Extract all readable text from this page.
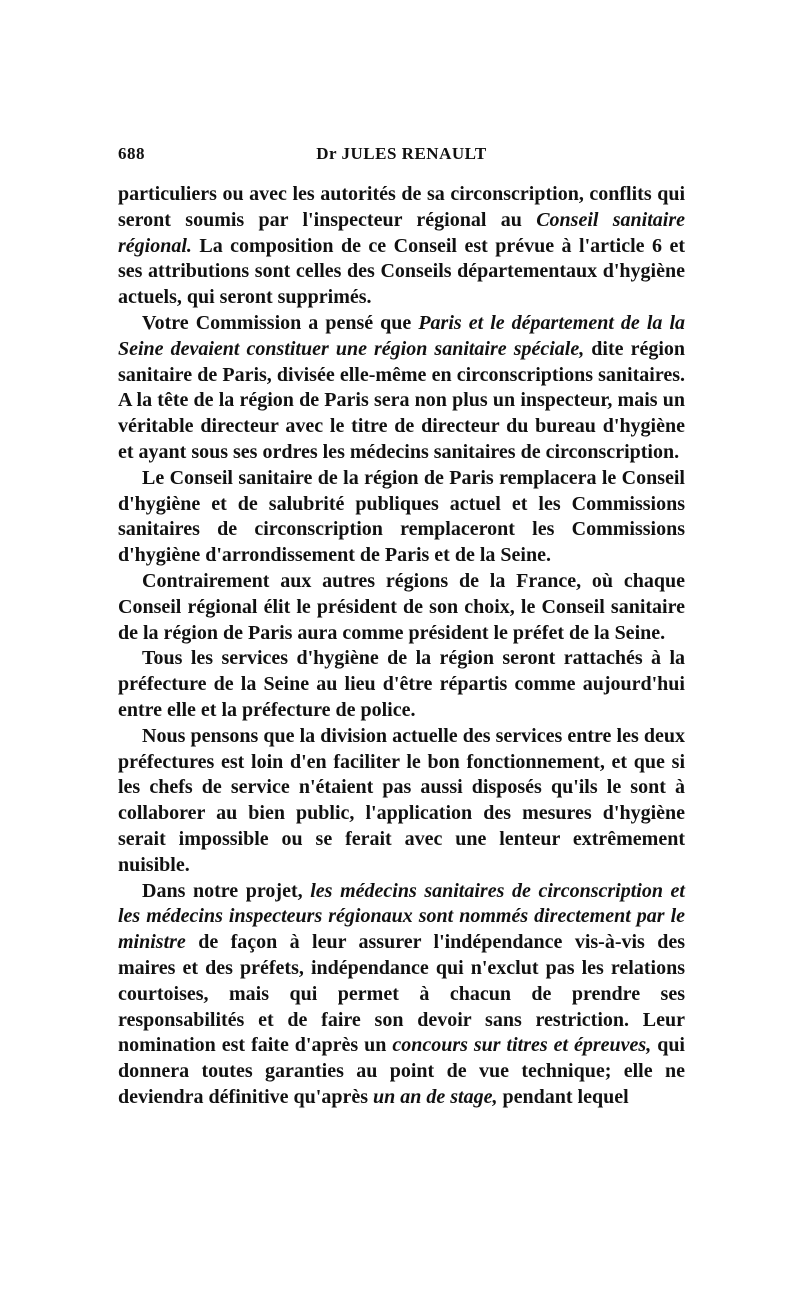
688	Dr JULES RENAULT

particuliers ou avec les autorités de sa circonscription, conflits qui seront soumis par l'inspecteur régional au Conseil sanitaire régional. La composition de ce Conseil est prévue à l'article 6 et ses attributions sont celles des Conseils départementaux d'hygiène actuels, qui seront supprimés.

Votre Commission a pensé que Paris et le département de la la Seine devaient constituer une région sanitaire spéciale, dite région sanitaire de Paris, divisée elle-même en circonscriptions sanitaires. A la tête de la région de Paris sera non plus un inspecteur, mais un véritable directeur avec le titre de directeur du bureau d'hygiène et ayant sous ses ordres les médecins sanitaires de circonscription.

Le Conseil sanitaire de la région de Paris remplacera le Conseil d'hygiène et de salubrité publiques actuel et les Commissions sanitaires de circonscription remplaceront les Commissions d'hygiène d'arrondissement de Paris et de la Seine.

Contrairement aux autres régions de la France, où chaque Conseil régional élit le président de son choix, le Conseil sanitaire de la région de Paris aura comme président le préfet de la Seine.

Tous les services d'hygiène de la région seront rattachés à la préfecture de la Seine au lieu d'être répartis comme aujourd'hui entre elle et la préfecture de police.

Nous pensons que la division actuelle des services entre les deux préfectures est loin d'en faciliter le bon fonctionnement, et que si les chefs de service n'étaient pas aussi disposés qu'ils le sont à collaborer au bien public, l'application des mesures d'hygiène serait impossible ou se ferait avec une lenteur extrêmement nuisible.

Dans notre projet, les médecins sanitaires de circonscription et les médecins inspecteurs régionaux sont nommés directement par le ministre de façon à leur assurer l'indépendance vis-à-vis des maires et des préfets, indépendance qui n'exclut pas les relations courtoises, mais qui permet à chacun de prendre ses responsabilités et de faire son devoir sans restriction. Leur nomination est faite d'après un concours sur titres et épreuves, qui donnera toutes garanties au point de vue technique; elle ne deviendra définitive qu'après un an de stage, pendant lequel
